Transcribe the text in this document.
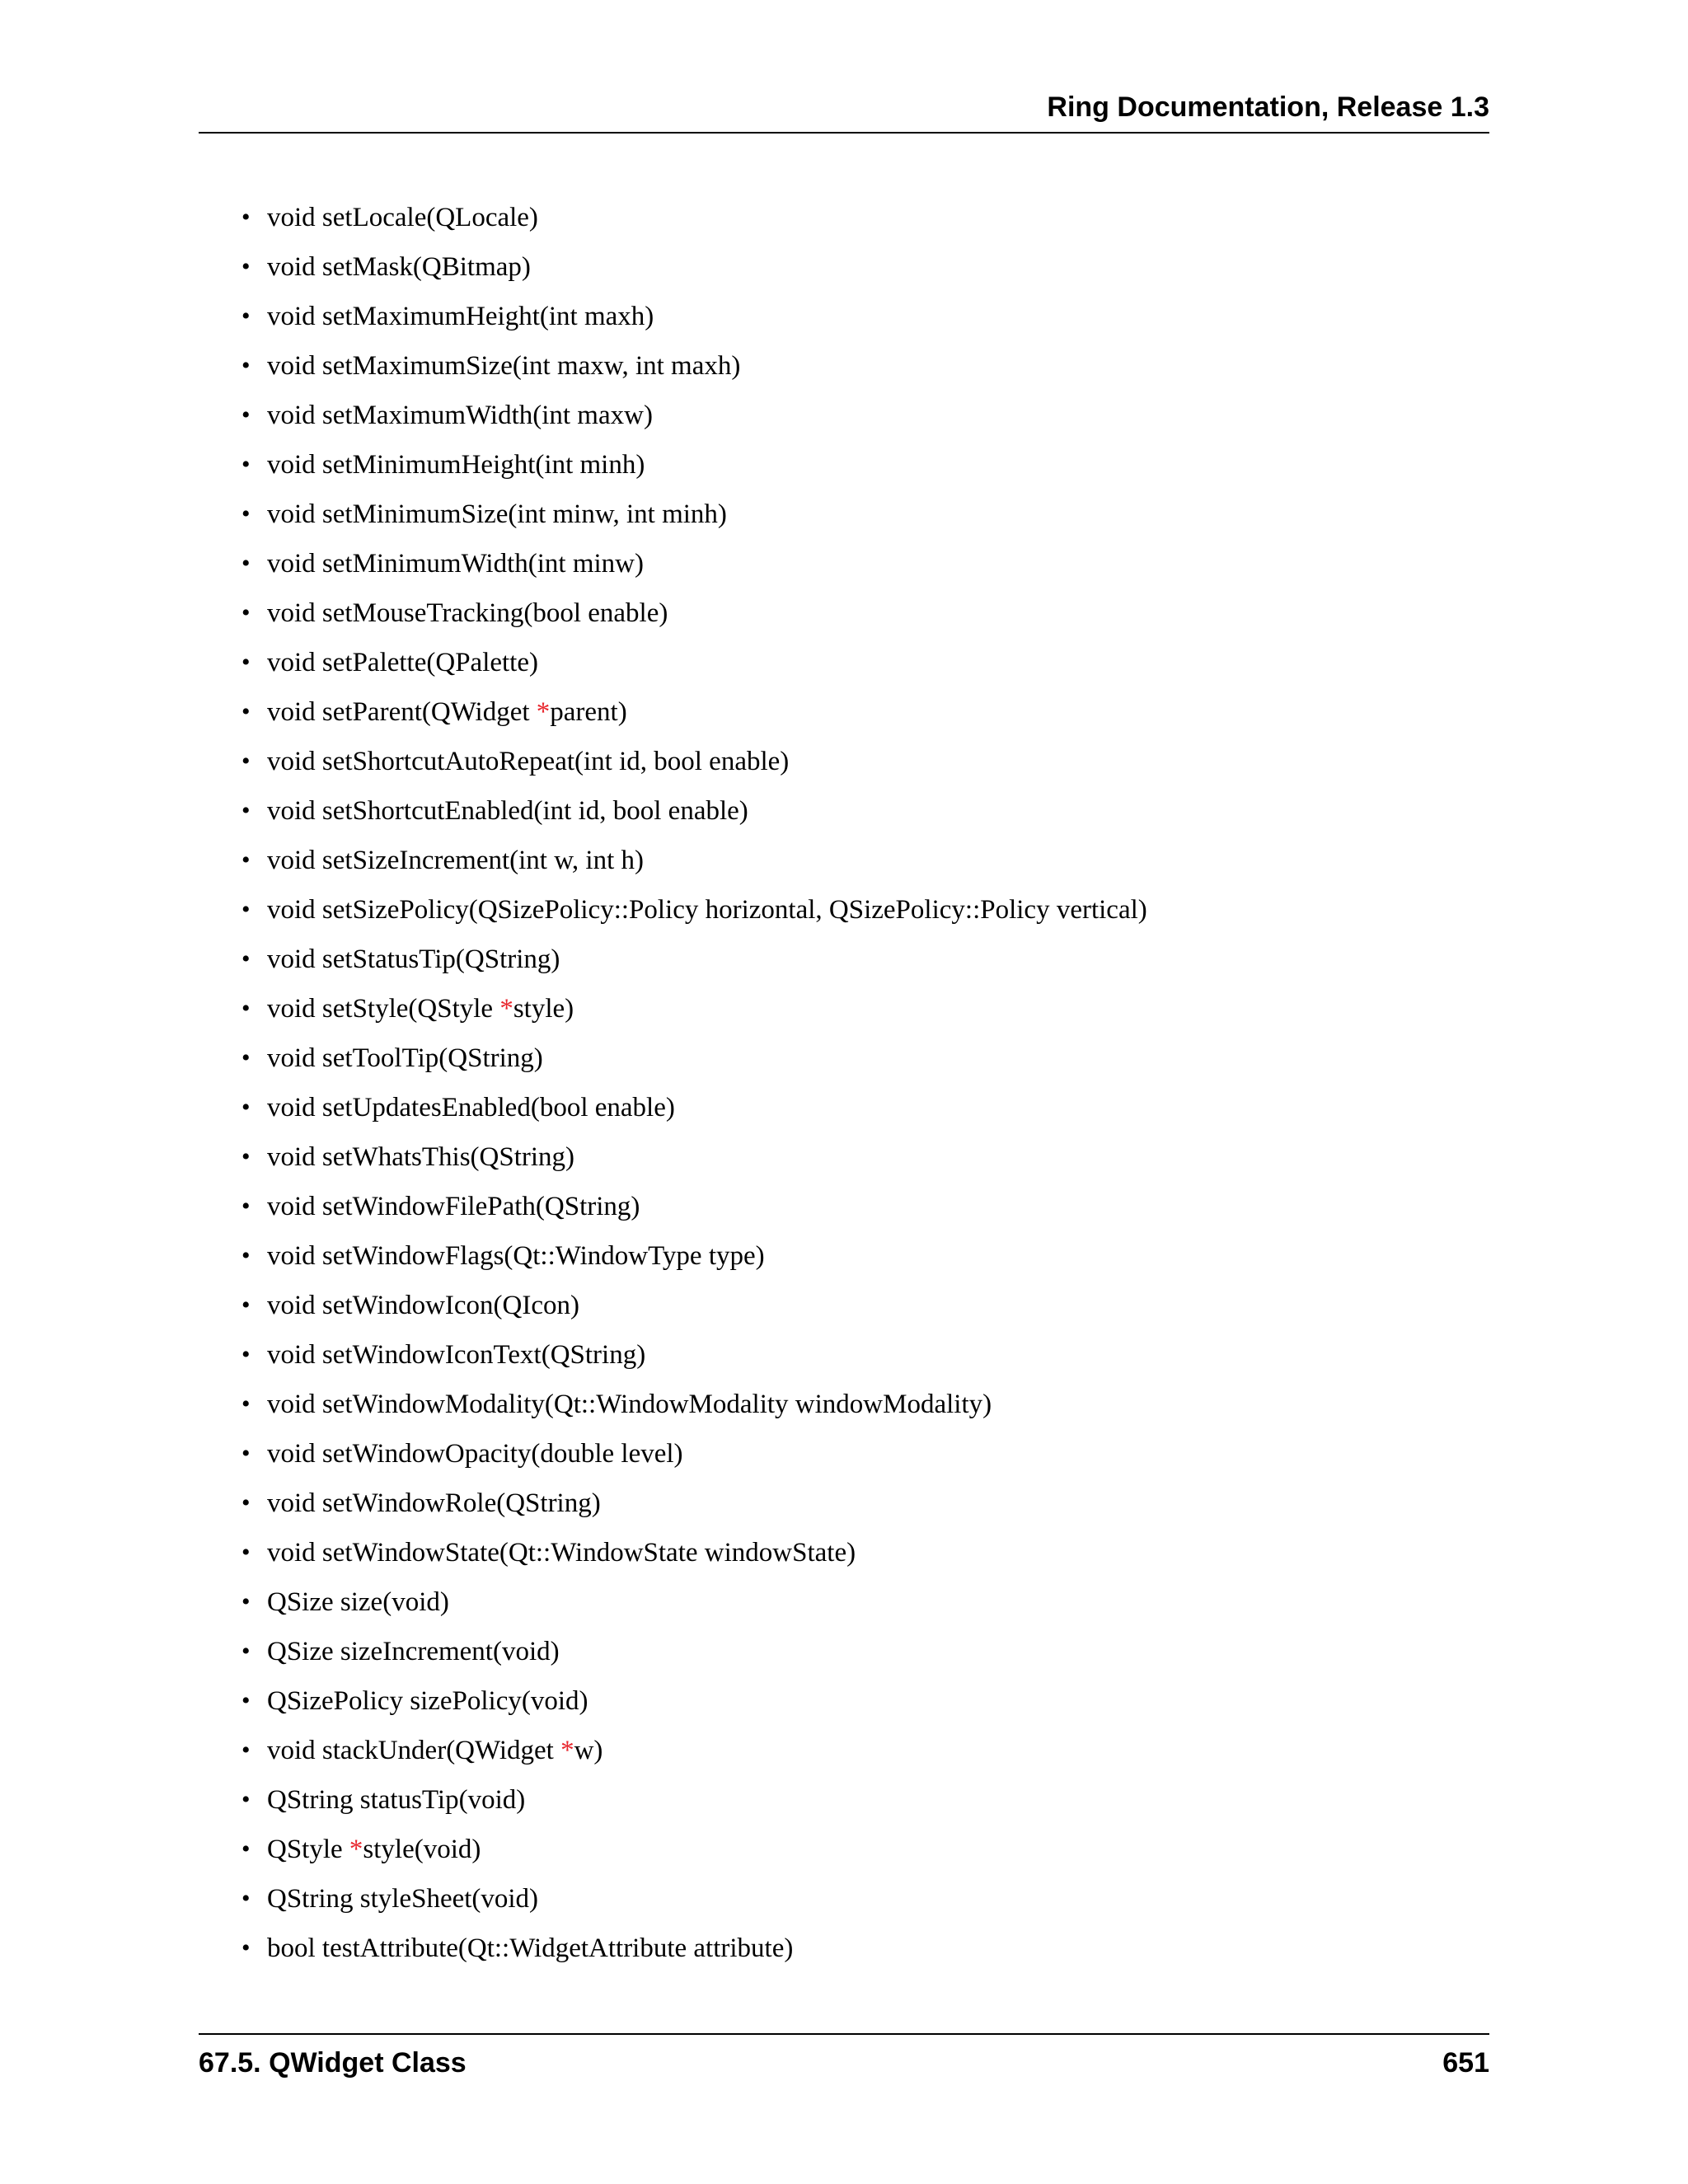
Ring Documentation, Release 1.3
• void setLocale(QLocale)
• void setMask(QBitmap)
• void setMaximumHeight(int maxh)
• void setMaximumSize(int maxw, int maxh)
• void setMaximumWidth(int maxw)
• void setMinimumHeight(int minh)
• void setMinimumSize(int minw, int minh)
• void setMinimumWidth(int minw)
• void setMouseTracking(bool enable)
• void setPalette(QPalette)
• void setParent(QWidget *parent)
• void setShortcutAutoRepeat(int id, bool enable)
• void setShortcutEnabled(int id, bool enable)
• void setSizeIncrement(int w, int h)
• void setSizePolicy(QSizePolicy::Policy horizontal, QSizePolicy::Policy vertical)
• void setStatusTip(QString)
• void setStyle(QStyle *style)
• void setToolTip(QString)
• void setUpdatesEnabled(bool enable)
• void setWhatsThis(QString)
• void setWindowFilePath(QString)
• void setWindowFlags(Qt::WindowType type)
• void setWindowIcon(QIcon)
• void setWindowIconText(QString)
• void setWindowModality(Qt::WindowModality windowModality)
• void setWindowOpacity(double level)
• void setWindowRole(QString)
• void setWindowState(Qt::WindowState windowState)
• QSize size(void)
• QSize sizeIncrement(void)
• QSizePolicy sizePolicy(void)
• void stackUnder(QWidget *w)
• QString statusTip(void)
• QStyle *style(void)
• QString styleSheet(void)
• bool testAttribute(Qt::WidgetAttribute attribute)
67.5. QWidget Class	651
